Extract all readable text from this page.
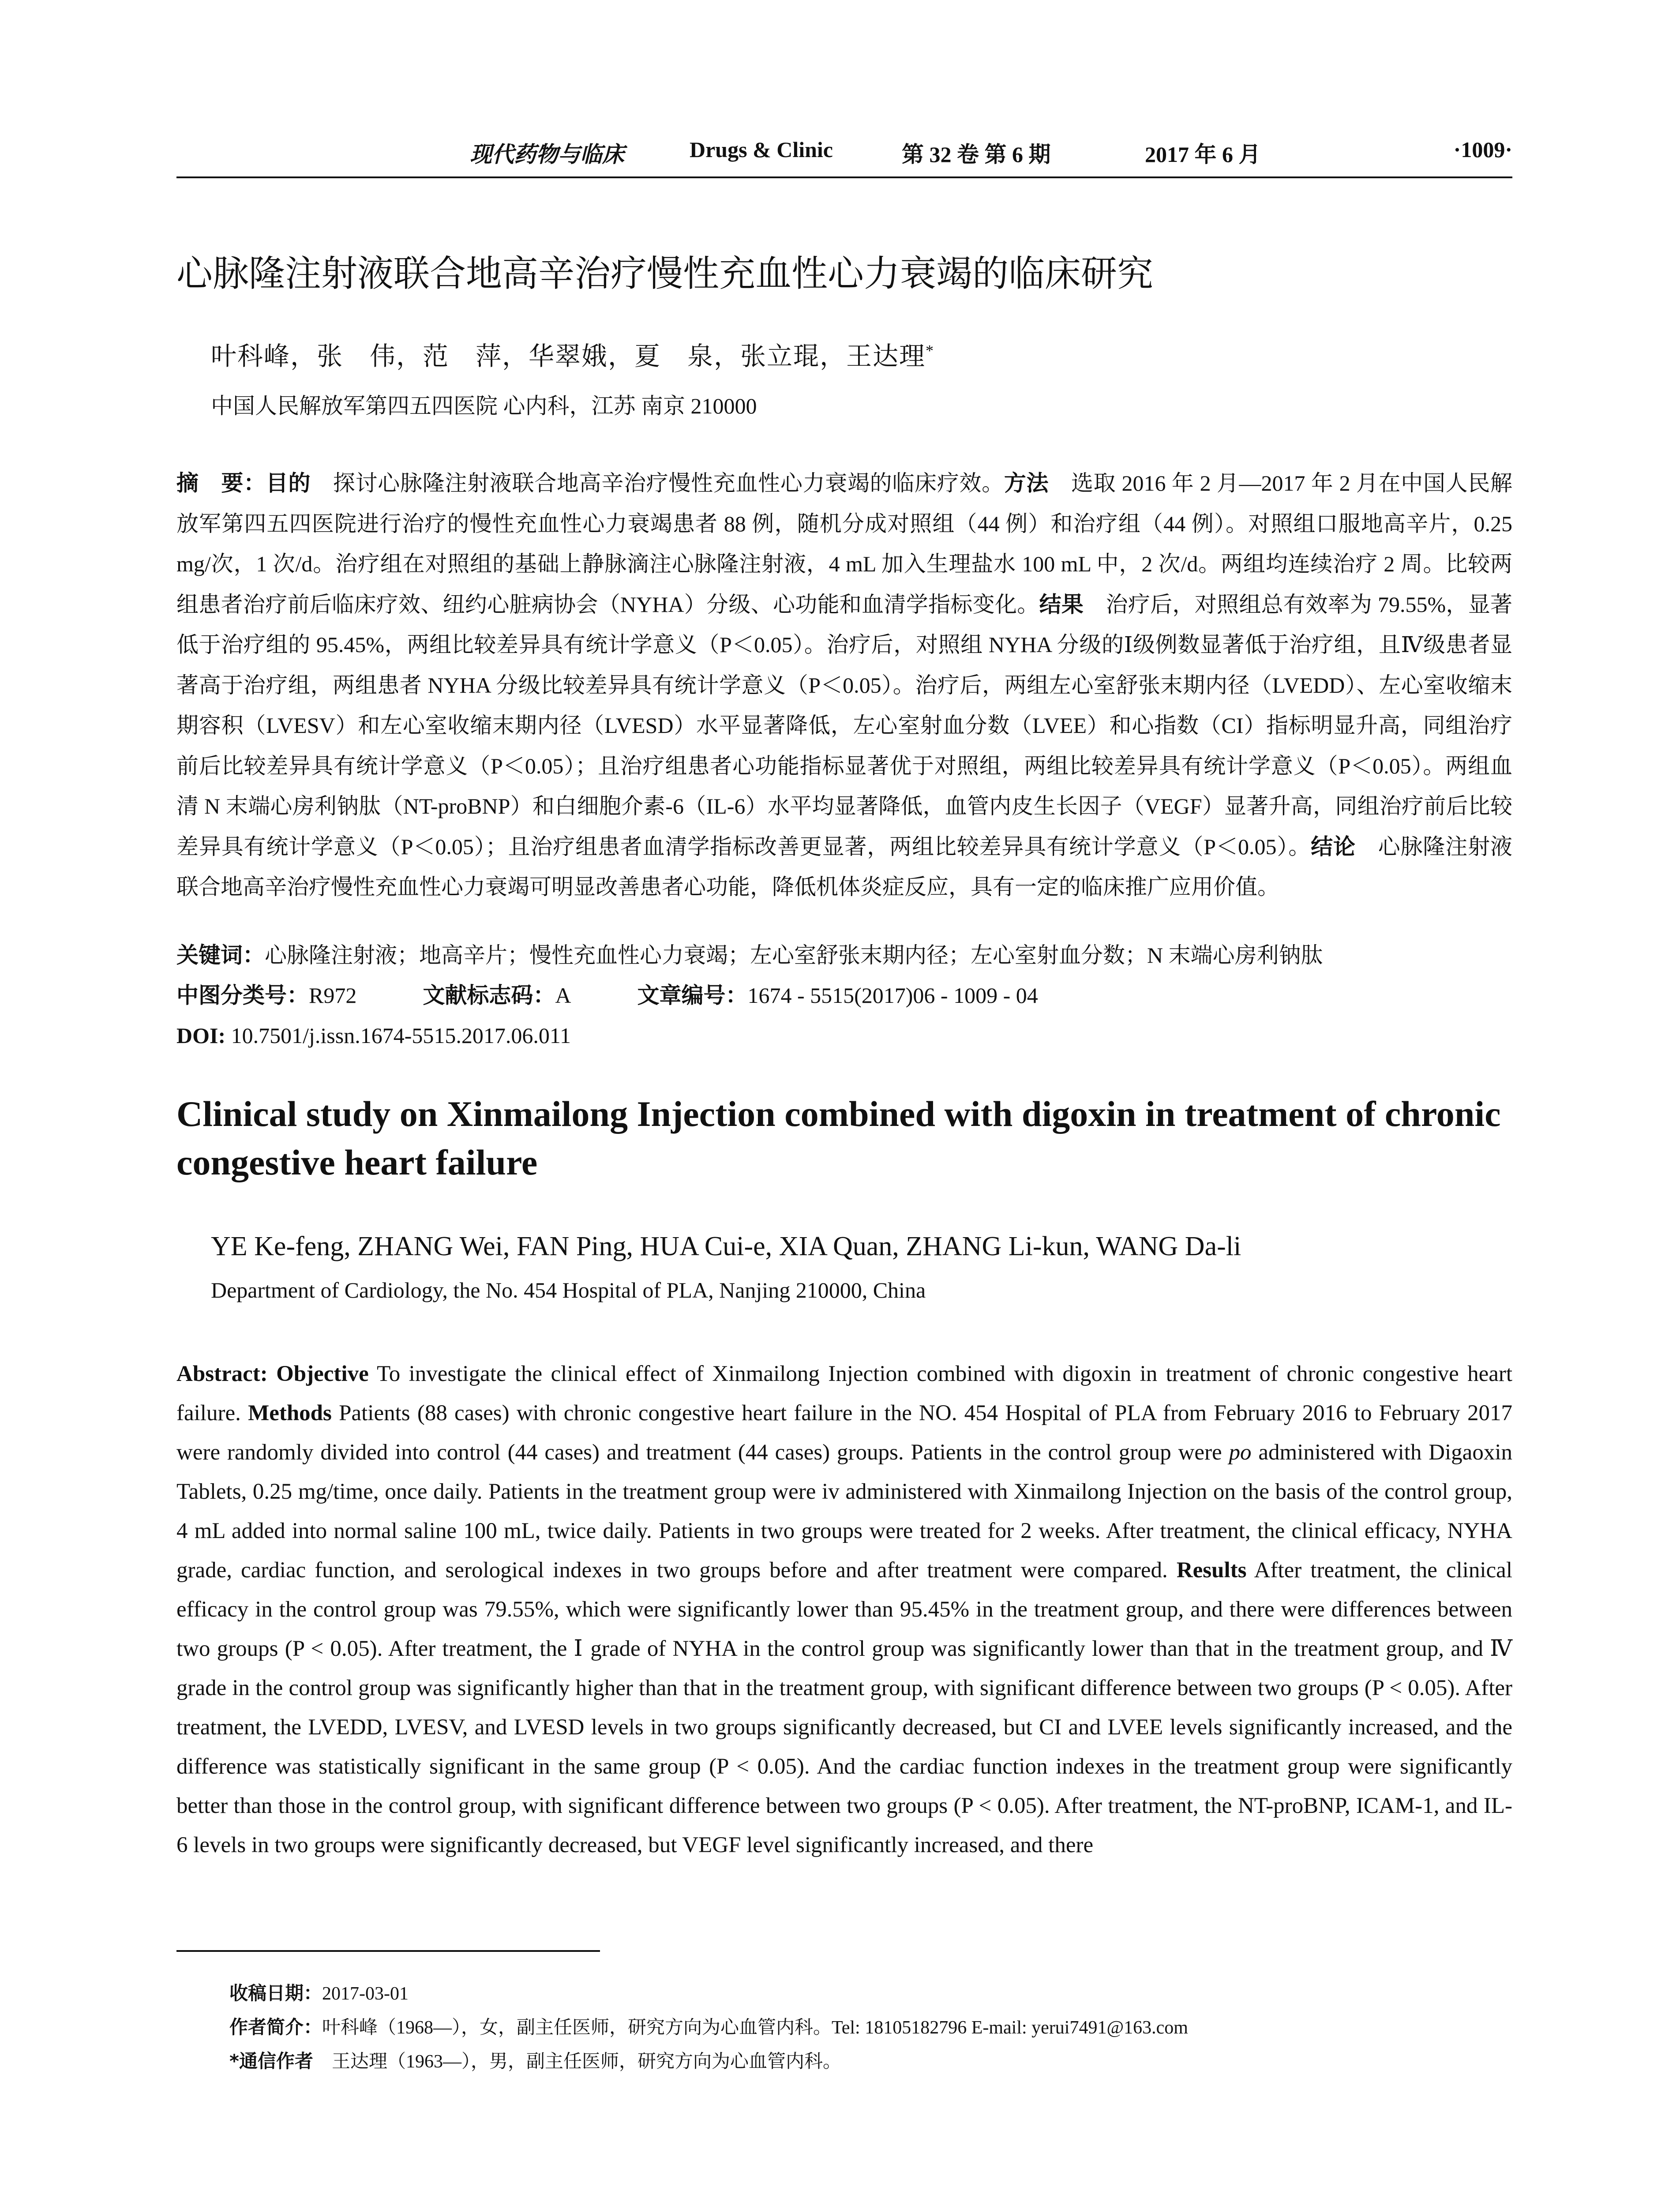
现代药物与临床	Drugs & Clinic	第 32 卷 第 6 期	2017 年 6 月	·1009·
心脉隆注射液联合地高辛治疗慢性充血性心力衰竭的临床研究
叶科峰，张　伟，范　萍，华翠娥，夏　泉，张立琨，王达理*
中国人民解放军第四五四医院 心内科，江苏 南京 210000
摘　要：目的　探讨心脉隆注射液联合地高辛治疗慢性充血性心力衰竭的临床疗效。方法　选取 2016 年 2 月—2017 年 2 月在中国人民解放军第四五四医院进行治疗的慢性充血性心力衰竭患者 88 例，随机分成对照组（44 例）和治疗组（44 例）。对照组口服地高辛片，0.25 mg/次，1 次/d。治疗组在对照组的基础上静脉滴注心脉隆注射液，4 mL 加入生理盐水 100 mL 中，2 次/d。两组均连续治疗 2 周。比较两组患者治疗前后临床疗效、纽约心脏病协会（NYHA）分级、心功能和血清学指标变化。结果　治疗后，对照组总有效率为 79.55%，显著低于治疗组的 95.45%，两组比较差异具有统计学意义（P＜0.05）。治疗后，对照组 NYHA 分级的Ⅰ级例数显著低于治疗组，且Ⅳ级患者显著高于治疗组，两组患者 NYHA 分级比较差异具有统计学意义（P＜0.05）。治疗后，两组左心室舒张末期内径（LVEDD）、左心室收缩末期容积（LVESV）和左心室收缩末期内径（LVESD）水平显著降低，左心室射血分数（LVEE）和心指数（CI）指标明显升高，同组治疗前后比较差异具有统计学意义（P＜0.05）；且治疗组患者心功能指标显著优于对照组，两组比较差异具有统计学意义（P＜0.05）。两组血清 N 末端心房利钠肽（NT-proBNP）和白细胞介素-6（IL-6）水平均显著降低，血管内皮生长因子（VEGF）显著升高，同组治疗前后比较差异具有统计学意义（P＜0.05）；且治疗组患者血清学指标改善更显著，两组比较差异具有统计学意义（P＜0.05）。结论　心脉隆注射液联合地高辛治疗慢性充血性心力衰竭可明显改善患者心功能，降低机体炎症反应，具有一定的临床推广应用价值。
关键词：心脉隆注射液；地高辛片；慢性充血性心力衰竭；左心室舒张末期内径；左心室射血分数；N 末端心房利钠肽
中图分类号：R972	文献标志码：A	文章编号：1674 - 5515(2017)06 - 1009 - 04
DOI: 10.7501/j.issn.1674-5515.2017.06.011
Clinical study on Xinmailong Injection combined with digoxin in treatment of chronic congestive heart failure
YE Ke-feng, ZHANG Wei, FAN Ping, HUA Cui-e, XIA Quan, ZHANG Li-kun, WANG Da-li
Department of Cardiology, the No. 454 Hospital of PLA, Nanjing 210000, China
Abstract: Objective To investigate the clinical effect of Xinmailong Injection combined with digoxin in treatment of chronic congestive heart failure. Methods Patients (88 cases) with chronic congestive heart failure in the NO. 454 Hospital of PLA from February 2016 to February 2017 were randomly divided into control (44 cases) and treatment (44 cases) groups. Patients in the control group were po administered with Digaoxin Tablets, 0.25 mg/time, once daily. Patients in the treatment group were iv administered with Xinmailong Injection on the basis of the control group, 4 mL added into normal saline 100 mL, twice daily. Patients in two groups were treated for 2 weeks. After treatment, the clinical efficacy, NYHA grade, cardiac function, and serological indexes in two groups before and after treatment were compared. Results After treatment, the clinical efficacy in the control group was 79.55%, which were significantly lower than 95.45% in the treatment group, and there were differences between two groups (P < 0.05). After treatment, the Ⅰ grade of NYHA in the control group was significantly lower than that in the treatment group, and Ⅳ grade in the control group was significantly higher than that in the treatment group, with significant difference between two groups (P < 0.05). After treatment, the LVEDD, LVESV, and LVESD levels in two groups significantly decreased, but CI and LVEE levels significantly increased, and the difference was statistically significant in the same group (P < 0.05). And the cardiac function indexes in the treatment group were significantly better than those in the control group, with significant difference between two groups (P < 0.05). After treatment, the NT-proBNP, ICAM-1, and IL-6 levels in two groups were significantly decreased, but VEGF level significantly increased, and there
收稿日期：2017-03-01
作者简介：叶科峰（1968—），女，副主任医师，研究方向为心血管内科。Tel: 18105182796 E-mail: yerui7491@163.com
*通信作者　王达理（1963—），男，副主任医师，研究方向为心血管内科。
